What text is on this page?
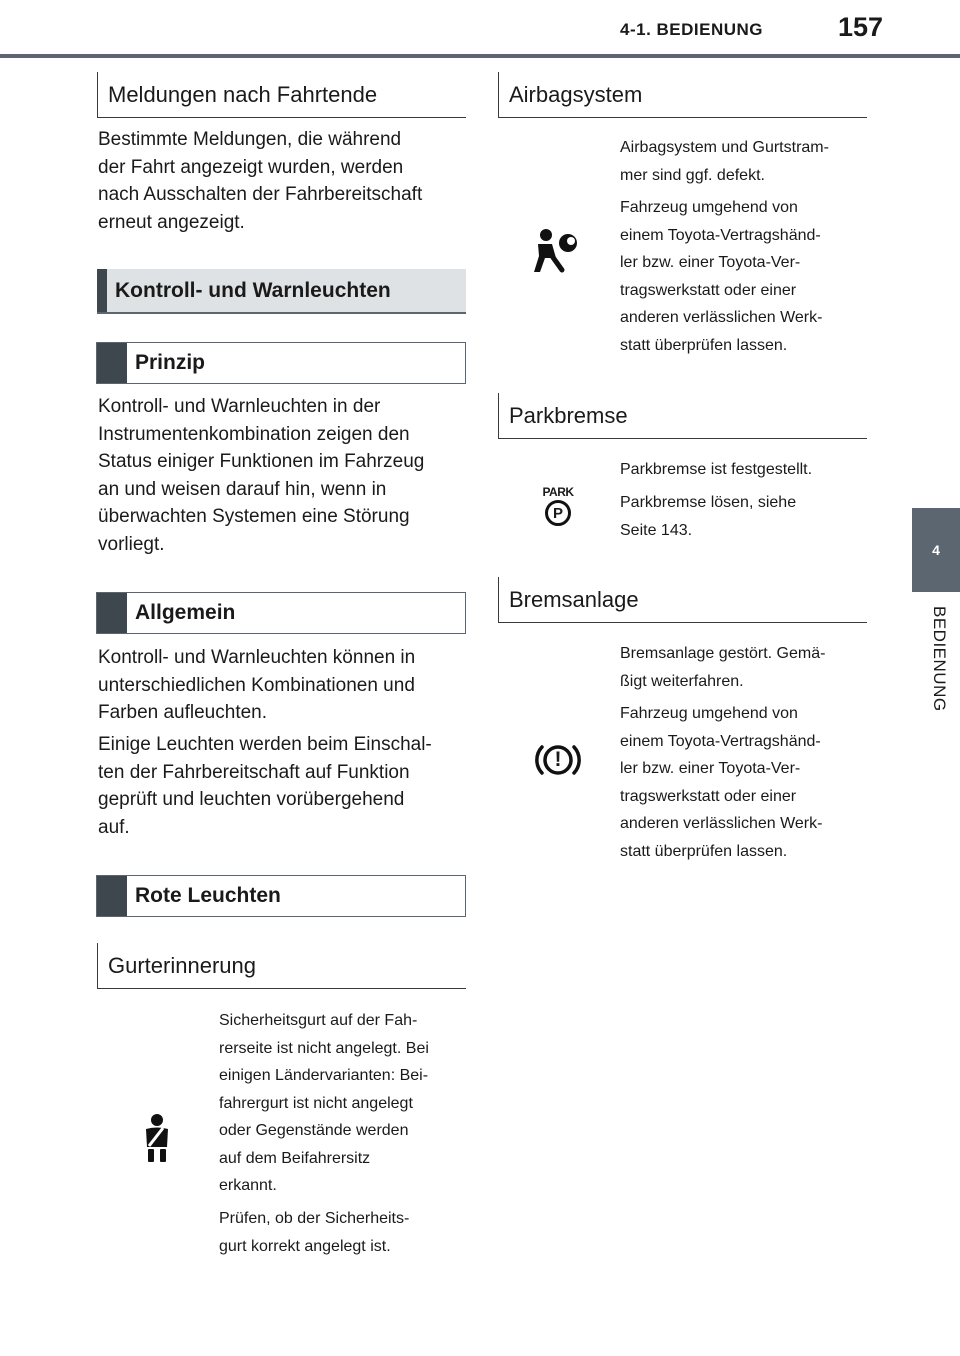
4-1. BEDIENUNG	157
4
BEDIENUNG
Meldungen nach Fahrtende
Bestimmte Meldungen, die während
der Fahrt angezeigt wurden, werden
nach Ausschalten der Fahrbereitschaft
erneut angezeigt.
Kontroll- und Warnleuchten
Prinzip
Kontroll- und Warnleuchten in der
Instrumentenkombination zeigen den
Status einiger Funktionen im Fahrzeug
an und weisen darauf hin, wenn in
überwachten Systemen eine Störung
vorliegt.
Allgemein
Kontroll- und Warnleuchten können in
unterschiedlichen Kombinationen und
Farben aufleuchten.
Einige Leuchten werden beim Einschal-
ten der Fahrbereitschaft auf Funktion
geprüft und leuchten vorübergehend
auf.
Rote Leuchten
Gurterinnerung
Sicherheitsgurt auf der Fah-
rerseite ist nicht angelegt. Bei
einigen Ländervarianten: Bei-
fahrergurt ist nicht angelegt
oder Gegenstände werden
auf dem Beifahrersitz
erkannt.
Prüfen, ob der Sicherheits-
gurt korrekt angelegt ist.
Airbagsystem
Airbagsystem und Gurtstram-
mer sind ggf. defekt.
Fahrzeug umgehend von
einem Toyota-Vertragshänd-
ler bzw. einer Toyota-Ver-
tragswerkstatt oder einer
anderen verlässlichen Werk-
statt überprüfen lassen.
Parkbremse
PARK
P
Parkbremse ist festgestellt.
Parkbremse lösen, siehe
Seite 143.
Bremsanlage
!
Bremsanlage gestört. Gemä-
ßigt weiterfahren.
Fahrzeug umgehend von
einem Toyota-Vertragshänd-
ler bzw. einer Toyota-Ver-
tragswerkstatt oder einer
anderen verlässlichen Werk-
statt überprüfen lassen.
